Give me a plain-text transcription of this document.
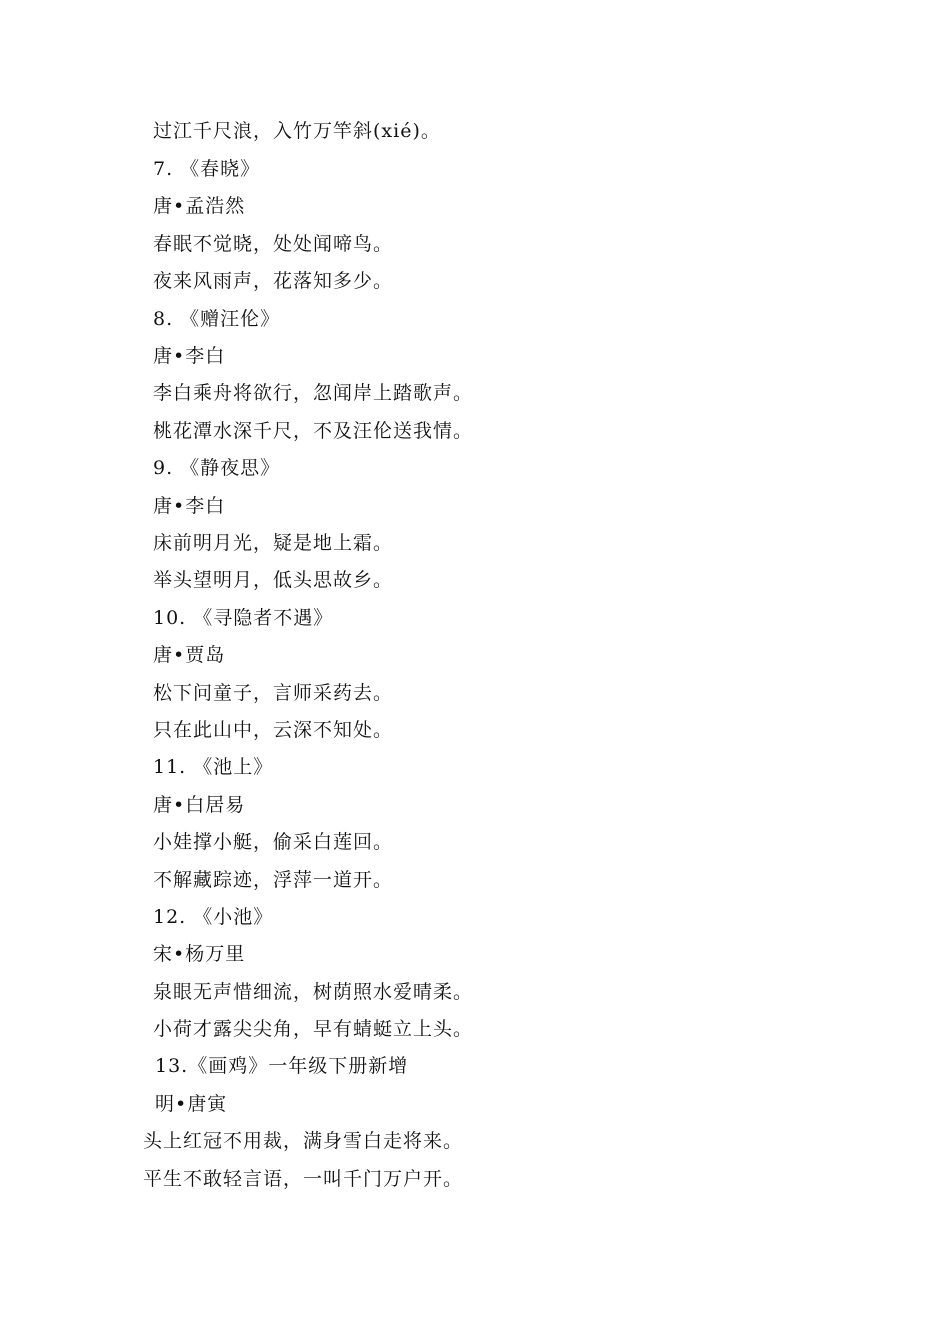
过江千尺浪，入竹万竿斜(xié)。
7. 《春晓》
唐•孟浩然
春眠不觉晓，处处闻啼鸟。
夜来风雨声，花落知多少。
8. 《赠汪伦》
唐•李白
李白乘舟将欲行，忽闻岸上踏歌声。
桃花潭水深千尺，不及汪伦送我情。
9. 《静夜思》
唐•李白
床前明月光，疑是地上霜。
举头望明月，低头思故乡。
10. 《寻隐者不遇》
唐•贾岛
松下问童子，言师采药去。
只在此山中，云深不知处。
11. 《池上》
唐•白居易
小娃撑小艇，偷采白莲回。
不解藏踪迹，浮萍一道开。
12. 《小池》
宋•杨万里
泉眼无声惜细流，树荫照水爱晴柔。
小荷才露尖尖角，早有蜻蜓立上头。
13.《画鸡》一年级下册新增
明•唐寅
头上红冠不用裁，满身雪白走将来。
平生不敢轻言语，一叫千门万户开。
